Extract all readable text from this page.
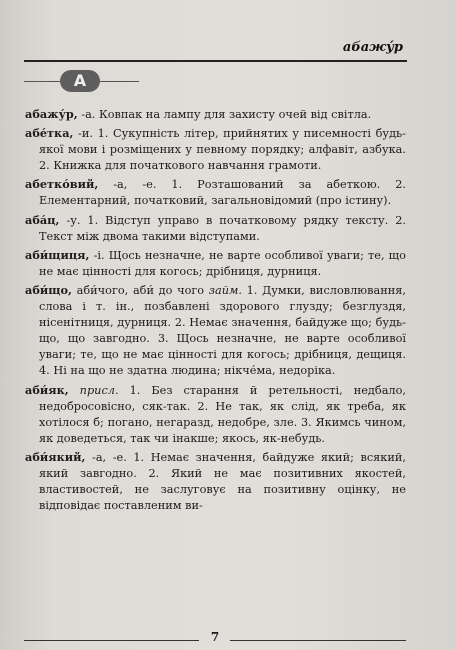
абажу́р
А

абажу́р, -а. Ковпак на лампу для захисту очей від світла.

абе́тка, -и. 1. Сукупність літер, прийнятих у писемності будь-якої мови і розміщених у певному порядку; алфавіт, азбука. 2. Книжка для початкового навчання грамоти.

абетко́вий, -а, -е. 1. Розташований за абеткою. 2. Елементарний, початковий, загальновідомий (про істину).

аба́ц, -у. 1. Відступ управо в початковому рядку тексту. 2. Текст між двома такими відступами.

аби́щиця, -і. Щось незначне, не варте особливої уваги; те, що не має цінності для когось; дрібниця, дурниця.

аби́що, аби́чого, аби́ до чого займ. 1. Думки, висловлювання, слова і т. ін., позбавлені здорового глузду; безглуздя, нісенітниця, дурниця. 2. Немає значення, байдуже що; будь-що, що завгодно. 3. Щось незначне, не варте особливої уваги; те, що не має цінності для когось; дрібниця, дещиця. 4. Ні на що не здатна людина; нікче́ма, недоріка.

аби́як, присл. 1. Без старання й ретельності, недбало, недобросовісно, сяк-так. 2. Не так, як слід, як треба, як хотілося б; погано, негаразд, недобре, зле. 3. Якимсь чином, як доведеться, так чи інакше; якось, як-небудь.

аби́який, -а, -е. 1. Немає значення, байдуже який; всякий, який завгодно. 2. Який не має позитивних якостей, властивостей, не заслуговує на позитивну оцінку, не відповідає поставленим ви-

7
